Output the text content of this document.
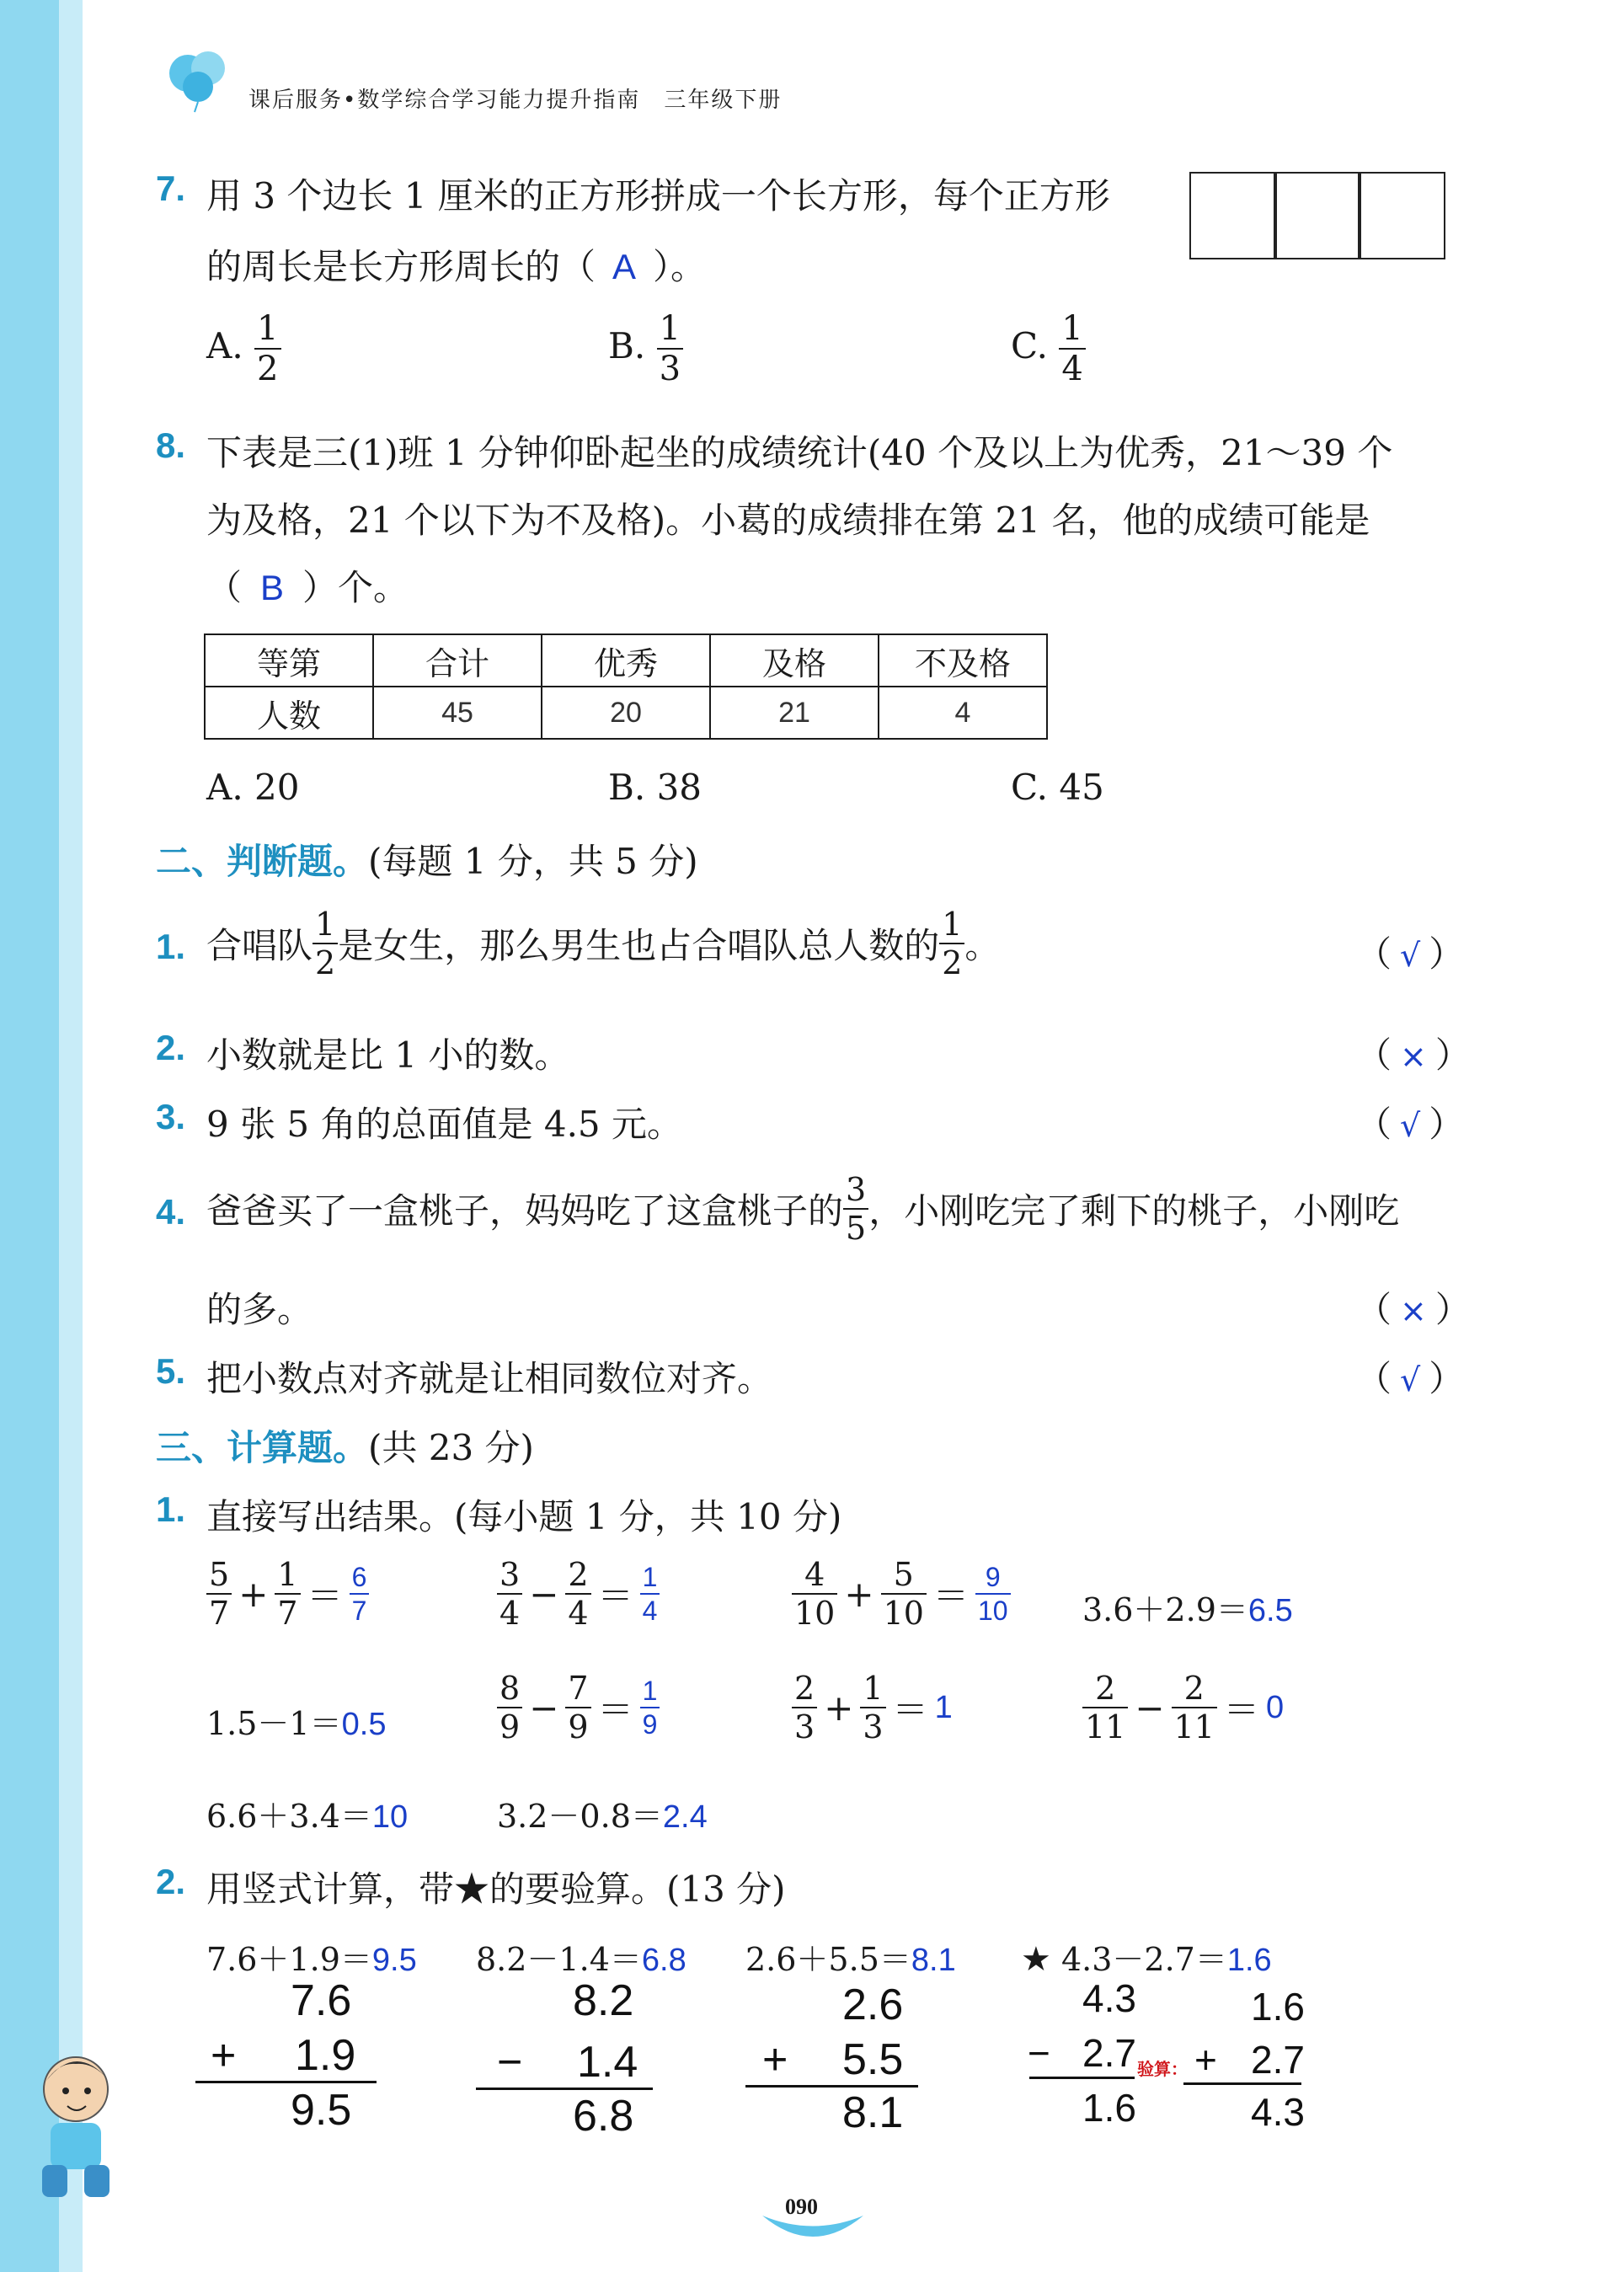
课后服务•数学综合学习能力提升指南　三年级下册
7. 用 3 个边长 1 厘米的正方形拼成一个长方形，每个正方形
的周长是长方形周长的（ A ）。
A. $\frac{1}{2}$	B. $\frac{1}{3}$	C. $\frac{1}{4}$
8. 下表是三(1)班 1 分钟仰卧起坐的成绩统计(40 个及以上为优秀，21～39 个
为及格，21 个以下为不及格)。小葛的成绩排在第 21 名，他的成绩可能是
（ B ）个。
等第	合计	优秀	及格	不及格
人数	45	20	21	4
A. 20	B. 38	C. 45
二、判断题。(每题 1 分，共 5 分)
1. 合唱队 $\frac{1}{2}$ 是女生，那么男生也占合唱队总人数的 $\frac{1}{2}$ 。	（ √ ）
2. 小数就是比 1 小的数。	（ × ）
3. 9 张 5 角的总面值是 4.5 元。	（ √ ）
4. 爸爸买了一盒桃子，妈妈吃了这盒桃子的 $\frac{3}{5}$ ，小刚吃完了剩下的桃子，小刚吃
的多。	（ × ）
5. 把小数点对齐就是让相同数位对齐。	（ √ ）
三、计算题。(共 23 分)
1. 直接写出结果。(每小题 1 分，共 10 分)
$\frac{5}{7} + \frac{1}{7} = \frac{6}{7}$	$\frac{3}{4} - \frac{2}{4} = \frac{1}{4}$	$\frac{4}{10} + \frac{5}{10} = \frac{9}{10} 3.6+2.9=6.5$
1.5－1＝0.5	$\frac{8}{9} - \frac{7}{9} = \frac{1}{9}$	$\frac{2}{3} + \frac{1}{3} = 1$	$\frac{2}{11} - \frac{2}{11} = 0$
6.6＋3.4＝10	3.2－0.8＝2.4
2. 用竖式计算，带★的要验算。(13 分)
7.6＋1.9＝9.5 8.2－1.4＝6.8 2.6＋5.5＝8.1 ★ 4.3－2.7＝1.6
7.6
+ 1.9
9.5
8.2
− 1.4
6.8
2.6
+ 5.5
8.1
4.3
− 2.7
1.6
验算：
1.6
+ 2.7
4.3
090
